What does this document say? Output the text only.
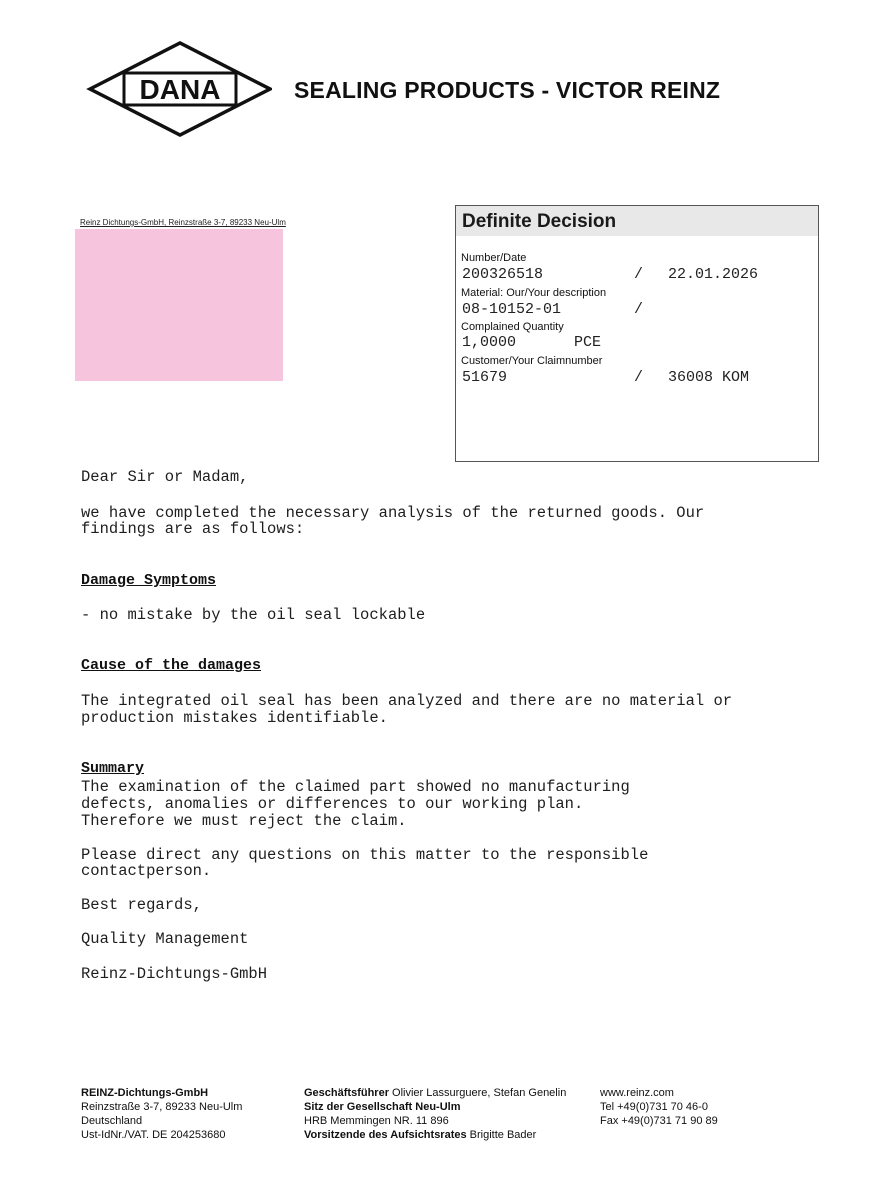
DANA	SEALING PRODUCTS - VICTOR REINZ
Reinz Dichtungs-GmbH, Reinzstraße 3-7, 89233 Neu-Ulm	Definite Decision
Number/Date
200326518	/ 22.01.2026
Material: Our/Your description
08-10152-01	/
Complained Quantity
1,0000	PCE
Customer/Your Claimnumber
51679	/ 36008 KOM
Dear Sir or Madam,
we have completed the necessary analysis of the returned goods. Our
findings are as follows:
Damage Symptoms
- no mistake by the oil seal lockable
Cause of the damages
The integrated oil seal has been analyzed and there are no material or
production mistakes identifiable.
Summary
The examination of the claimed part showed no manufacturing
defects, anomalies or differences to our working plan.
Therefore we must reject the claim.
Please direct any questions on this matter to the responsible
contactperson.
Best regards,
Quality Management
Reinz-Dichtungs-GmbH
REINZ-Dichtungs-GmbH
Reinzstraße 3-7, 89233 Neu-Ulm
Deutschland
Ust-IdNr./VAT. DE 204253680
Geschäftsführer Olivier Lassurguere, Stefan Genelin
Sitz der Gesellschaft Neu-Ulm
HRB Memmingen NR. 11 896
Vorsitzende des Aufsichtsrates Brigitte Bader
www.reinz.com
Tel +49(0)731 70 46-0
Fax +49(0)731 71 90 89
